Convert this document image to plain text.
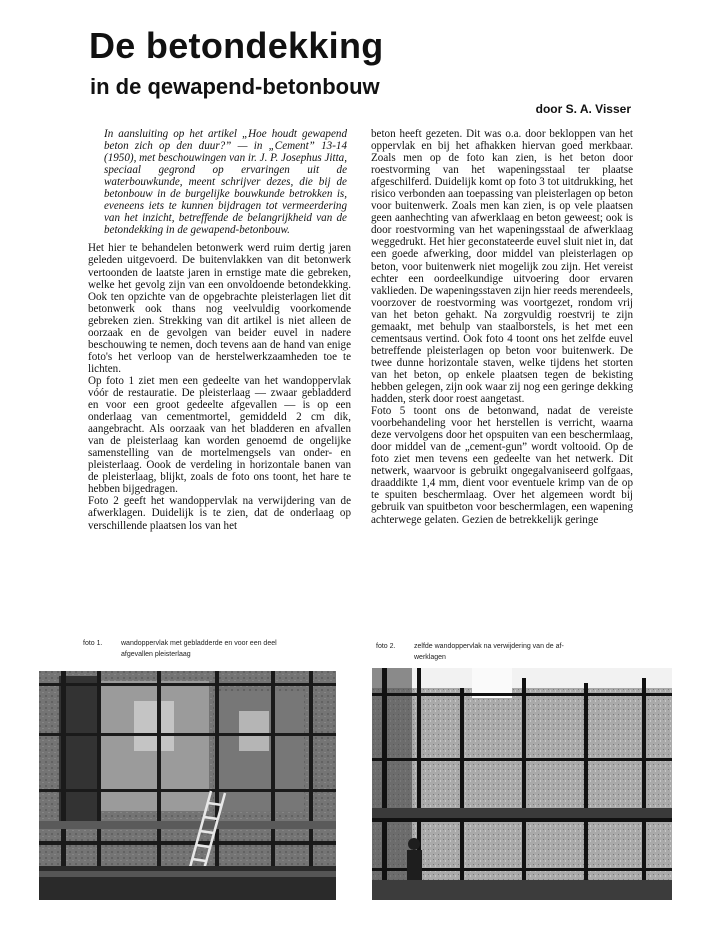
De betondekking
in de qewapend-betonbouw

door S. A. Visser

In aansluiting op het artikel „Hoe houdt gewapend beton zich op den duur?” — in „Cement” 13-14 (1950), met beschouwingen van ir. J. P. Josephus Jitta, speciaal gegrond op ervaringen uit de waterbouwkunde, meent schrijver dezes, die bij de betonbouw in de burgelijke bouwkunde betrokken is, eveneens iets te kunnen bijdragen tot vermeerdering van het inzicht, betreffende de belangrijkheid van de betondekking in de gewapend-betonbouw.

Het hier te behandelen betonwerk werd ruim dertig jaren geleden uitgevoerd. De buitenvlakken van dit betonwerk vertoonden de laatste jaren in ernstige mate die gebreken, welke het gevolg zijn van een onvoldoende betondekking. Ook ten opzichte van de opgebrachte pleisterlagen liet dit betonwerk ook thans nog veelvuldig voorkomende gebreken zien. Strekking van dit artikel is niet alleen de oorzaak en de gevolgen van beider euvel in nadere beschouwing te nemen, doch tevens aan de hand van enige foto's het verloop van de herstelwerkzaamheden toe te lichten.

Op foto 1 ziet men een gedeelte van het wandoppervlak vóór de restauratie. De pleisterlaag — zwaar gebladderd en voor een groot gedeelte afgevallen — is op een onderlaag van cementmortel, gemiddeld 2 cm dik, aangebracht. Als oorzaak van het bladderen en afvallen van de pleisterlaag kan worden genoemd de ongelijke samenstelling van de mortelmengsels van onder- en pleisterlaag. Oook de verdeling in horizontale banen van de pleisterlaag, blijkt, zoals de foto ons toont, het hare te hebben bijgedragen.

Foto 2 geeft het wandoppervlak na verwijdering van de afwerklagen. Duidelijk is te zien, dat de onderlaag op verschillende plaatsen los van het

beton heeft gezeten. Dit was o.a. door bekloppen van het oppervlak en bij het afhakken hiervan goed merkbaar. Zoals men op de foto kan zien, is het beton door roestvorming van het wapeningsstaal ter plaatse afgeschilferd. Duidelijk komt op foto 3 tot uitdrukking, het risico verbonden aan toepassing van pleisterlagen op beton voor buitenwerk. Zoals men kan zien, is op vele plaatsen geen aanhechting van afwerklaag en beton geweest; ook is door roestvorming van het wapeningsstaal de afwerklaag weggedrukt. Het hier geconstateerde euvel sluit niet in, dat een goede afwerking, door middel van pleisterlagen op beton, voor buitenwerk niet mogelijk zou zijn. Het vereist echter een oordeelkundige uitvoering door ervaren vaklieden. De wapeningsstaven zijn hier reeds merendeels, voorzover de roestvorming was voortgezet, rondom vrij van het beton gehakt. Na zorgvuldig roestvrij te zijn gemaakt, met behulp van staalborstels, is het met een cementsaus vertind. Ook foto 4 toont ons het zelfde euvel betreffende pleisterlagen op beton voor buitenwerk. De twee dunne horizontale staven, welke tijdens het storten van het beton, op enkele plaatsen tegen de bekisting hebben gelegen, zijn ook waar zij nog een geringe dekking hadden, sterk door roest aangetast.

Foto 5 toont ons de betonwand, nadat de vereiste voorbehandeling voor het herstellen is verricht, waarna deze vervolgens door het opspuiten van een beschermlaag, door middel van de „cement-gun” wordt voltooid. Op de foto ziet men tevens een gedeelte van het netwerk. Dit netwerk, waarvoor is gebruikt ongegalvaniseerd golfgaas, draaddikte 1,4 mm, dient voor eventuele krimp van de op te spuiten beschermlaag. Over het algemeen wordt bij gebruik van spuitbeton voor beschermlagen, een wapening achterwege gelaten. Gezien de betrekkelijk geringe

foto 1.	wandoppervlak met gebladderde en voor een deel
afgevallen pleisterlaag
foto 2.	zelfde wandoppervlak na verwijdering van de af-
werklagen
